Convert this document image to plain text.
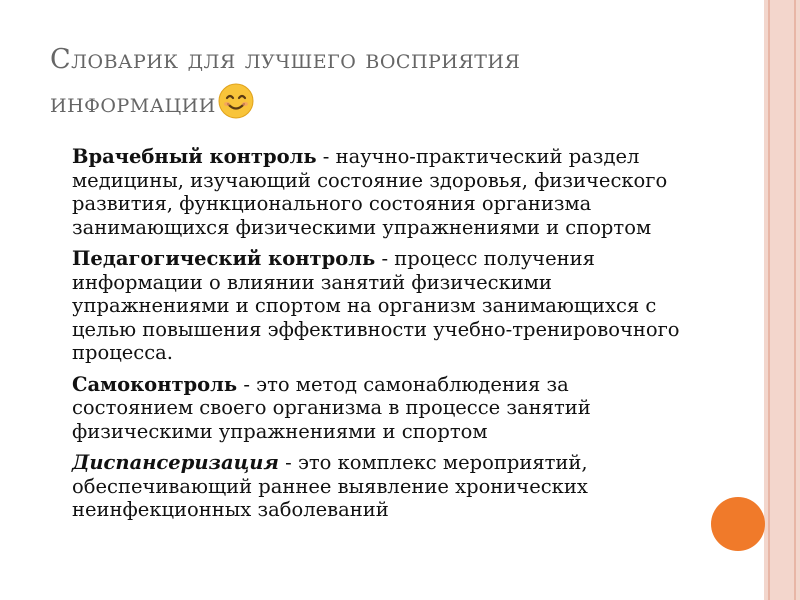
Словарик для лучшего восприятия
информации
Врачебный контроль - научно-практический раздел медицины, изучающий состояние здоровья, физического развития, функционального состояния организма занимающихся физическими упражнениями и спортом
Педагогический контроль - процесс получения информации о влиянии занятий физическими упражнениями и спортом на организм занимающихся с целью повышения эффективности учебно-тренировочного процесса.
Самоконтроль - это метод самонаблюдения за состоянием своего организма в процессе занятий физическими упражнениями и спортом
Диспансеризация - это комплекс мероприятий, обеспечивающий раннее выявление хронических неинфекционных заболеваний
